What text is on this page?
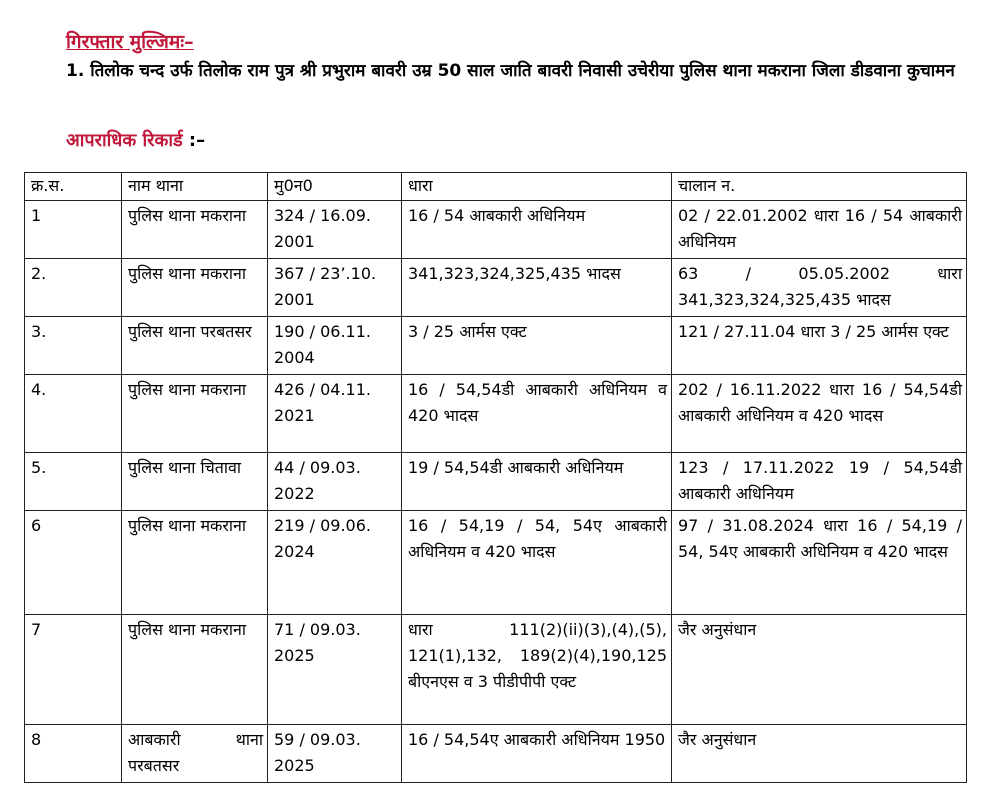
गिरफ्तार मुल्जिमः–
1. तिलोक चन्द उर्फ तिलोक राम पुत्र श्री प्रभुराम बावरी उम्र 50 साल जाति बावरी निवासी उचेरीया पुलिस थाना मकराना जिला डीडवाना कुचामन
आपराधिक रिकार्ड :–
क्र.स.	नाम थाना	मु0न0	धारा	चालान न.
1	पुलिस थाना मकराना	324 / 16.09. 2001	16 / 54 आबकारी अधिनियम	02 / 22.01.2002 धारा 16 / 54 आबकारी अधिनियम
2.	पुलिस थाना मकराना	367 / 23’.10. 2001	341,323,324,325,435 भादस	63 / 05.05.2002 धारा 341,323,324,325,435 भादस
3.	पुलिस थाना परबतसर	190 / 06.11. 2004	3 / 25 आर्मस एक्ट	121 / 27.11.04 धारा 3 / 25 आर्मस एक्ट
4.	पुलिस थाना मकराना	426 / 04.11. 2021	16 / 54,54डी आबकारी अधिनियम व 420 भादस	202 / 16.11.2022 धारा 16 / 54,54डी आबकारी अधिनियम व 420 भादस
5.	पुलिस थाना चितावा	44 / 09.03. 2022	19 / 54,54डी आबकारी अधिनियम	123 / 17.11.2022 19 / 54,54डी आबकारी अधिनियम
6	पुलिस थाना मकराना	219 / 09.06. 2024	16 / 54,19 / 54, 54ए आबकारी अधिनियम व 420 भादस	97 / 31.08.2024 धारा 16 / 54,19 / 54, 54ए आबकारी अधिनियम व 420 भादस
7	पुलिस थाना मकराना	71 / 09.03. 2025	धारा 111(2)(ii)(3),(4),(5), 121(1),132, 189(2)(4),190,125 बीएनएस व 3 पीडीपीपी एक्ट	जैर अनुसंधान
8	आबकारी थाना परबतसर	59 / 09.03. 2025	16 / 54,54ए आबकारी अधिनियम 1950	जैर अनुसंधान
